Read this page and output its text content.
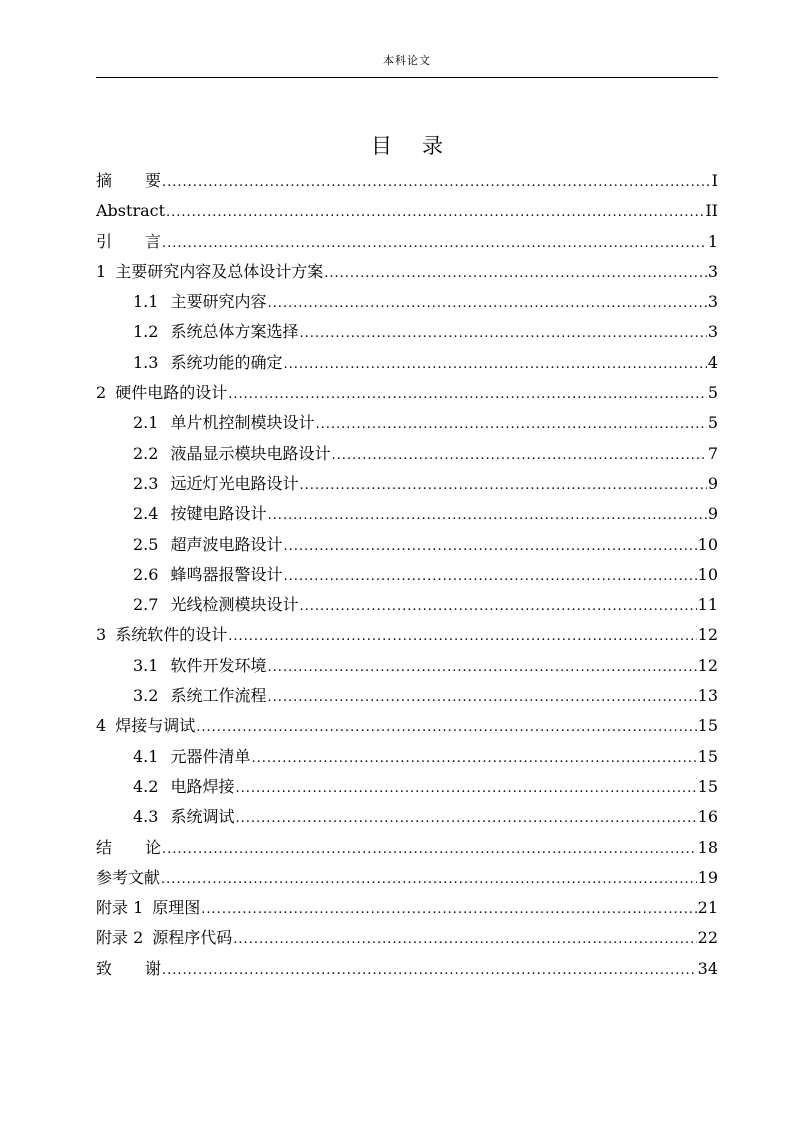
本科论文
目录
摘要 .....	I
Abstract .....	II
引言 .....	1
1 主要研究内容及总体设计方案 .....	3
1.1 主要研究内容 .....	3
1.2 系统总体方案选择 .....	3
1.3 系统功能的确定 .....	4
2 硬件电路的设计 .....	5
2.1 单片机控制模块设计 .....	5
2.2 液晶显示模块电路设计 .....	7
2.3 远近灯光电路设计 .....	9
2.4 按键电路设计 .....	9
2.5 超声波电路设计 .....	10
2.6 蜂鸣器报警设计 .....	10
2.7 光线检测模块设计 .....	11
3 系统软件的设计 .....	12
3.1 软件开发环境 .....	12
3.2 系统工作流程 .....	13
4 焊接与调试 .....	15
4.1 元器件清单 .....	15
4.2 电路焊接 .....	15
4.3 系统调试 .....	16
结论 .....	18
参考文献 .....	19
附录 1 原理图 .....	21
附录 2 源程序代码 .....	22
致谢 .....	34
